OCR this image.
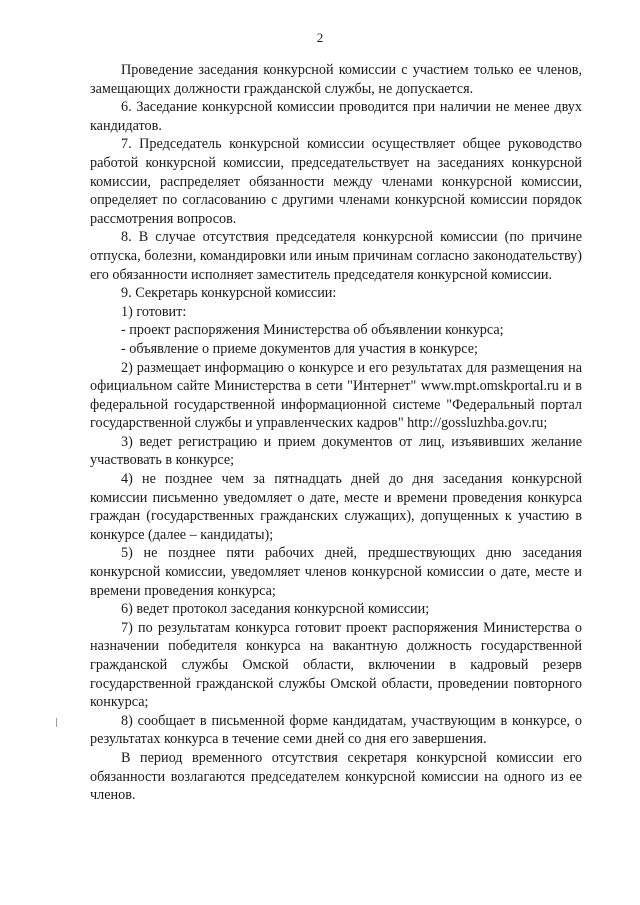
2

Проведение заседания конкурсной комиссии с участием только ее членов, замещающих должности гражданской службы, не допускается.

6. Заседание конкурсной комиссии проводится при наличии не менее двух кандидатов.

7. Председатель конкурсной комиссии осуществляет общее руководство работой конкурсной комиссии, председательствует на заседаниях конкурсной комиссии, распределяет обязанности между членами конкурсной комиссии, определяет по согласованию с другими членами конкурсной комиссии порядок рассмотрения вопросов.

8. В случае отсутствия председателя конкурсной комиссии (по причине отпуска, болезни, командировки или иным причинам согласно законодательству) его обязанности исполняет заместитель председателя конкурсной комиссии.

9. Секретарь конкурсной комиссии:

1) готовит:

- проект распоряжения Министерства об объявлении конкурса;

- объявление о приеме документов для участия в конкурсе;

2) размещает информацию о конкурсе и его результатах для размещения на официальном сайте Министерства в сети "Интернет" www.mpt.omskportal.ru и в федеральной государственной информационной системе "Федеральный портал государственной службы и управленческих кадров" http://gossluzhba.gov.ru;

3) ведет регистрацию и прием документов от лиц, изъявивших желание участвовать в конкурсе;

4) не позднее чем за пятнадцать дней до дня заседания конкурсной комиссии письменно уведомляет о дате, месте и времени проведения конкурса граждан (государственных гражданских служащих), допущенных к участию в конкурсе (далее – кандидаты);

5) не позднее пяти рабочих дней, предшествующих дню заседания конкурсной комиссии, уведомляет членов конкурсной комиссии о дате, месте и времени проведения конкурса;

6) ведет протокол заседания конкурсной комиссии;

7) по результатам конкурса готовит проект распоряжения Министерства о назначении победителя конкурса на вакантную должность государственной гражданской службы Омской области, включении в кадровый резерв государственной гражданской службы Омской области, проведении повторного конкурса;

8) сообщает в письменной форме кандидатам, участвующим в конкурсе, о результатах конкурса в течение семи дней со дня его завершения.

В период временного отсутствия секретаря конкурсной комиссии его обязанности возлагаются председателем конкурсной комиссии на одного из ее членов.
